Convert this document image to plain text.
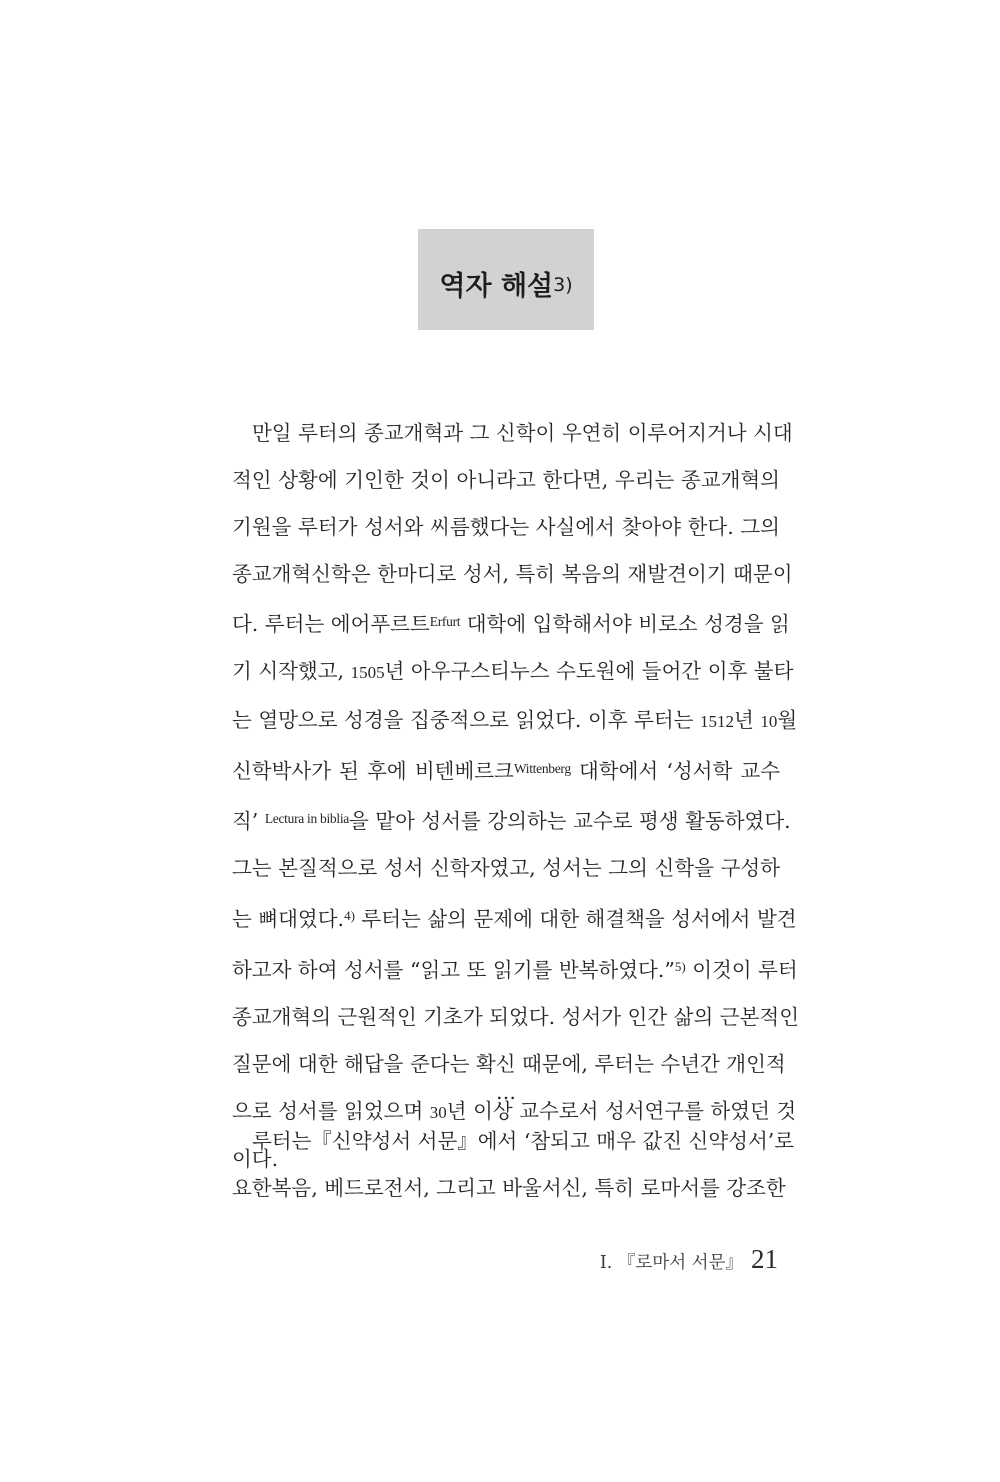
역자 해설3)
만일 루터의 종교개혁과 그 신학이 우연히 이루어지거나 시대
적인 상황에 기인한 것이 아니라고 한다면, 우리는 종교개혁의
기원을 루터가 성서와 씨름했다는 사실에서 찾아야 한다. 그의
종교개혁신학은 한마디로 성서, 특히 복음의 재발견이기 때문이
다. 루터는 에어푸르트$^{Erfurt}$ 대학에 입학해서야 비로소 성경을 읽
기 시작했고, 1505년 아우구스티누스 수도원에 들어간 이후 불타
는 열망으로 성경을 집중적으로 읽었다. 이후 루터는 1512년 10월
신학박사가 된 후에 비텐베르크$^{Wittenberg}$ 대학에서 ‘성서학 교수
직’ $^{Lectura in biblia}$을 맡아 성서를 강의하는 교수로 평생 활동하였다.
그는 본질적으로 성서 신학자였고, 성서는 그의 신학을 구성하
는 뼈대였다.$^{4)}$ 루터는 삶의 문제에 대한 해결책을 성서에서 발견
하고자 하여 성서를 “읽고 또 읽기를 반복하였다.”$^{5)}$ 이것이 루터
종교개혁의 근원적인 기초가 되었다. 성서가 인간 삶의 근본적인
질문에 대한 해답을 준다는 확신 때문에, 루터는 수년간 개인적
으로 성서를 읽었으며 30년 이상 교수로서 성서연구를 하였던 것
이다.
…
루터는『신약성서 서문』에서 ‘참되고 매우 값진 신약성서’로
요한복음, 베드로전서, 그리고 바울서신, 특히 로마서를 강조한
I. 『로마서 서문』 21
